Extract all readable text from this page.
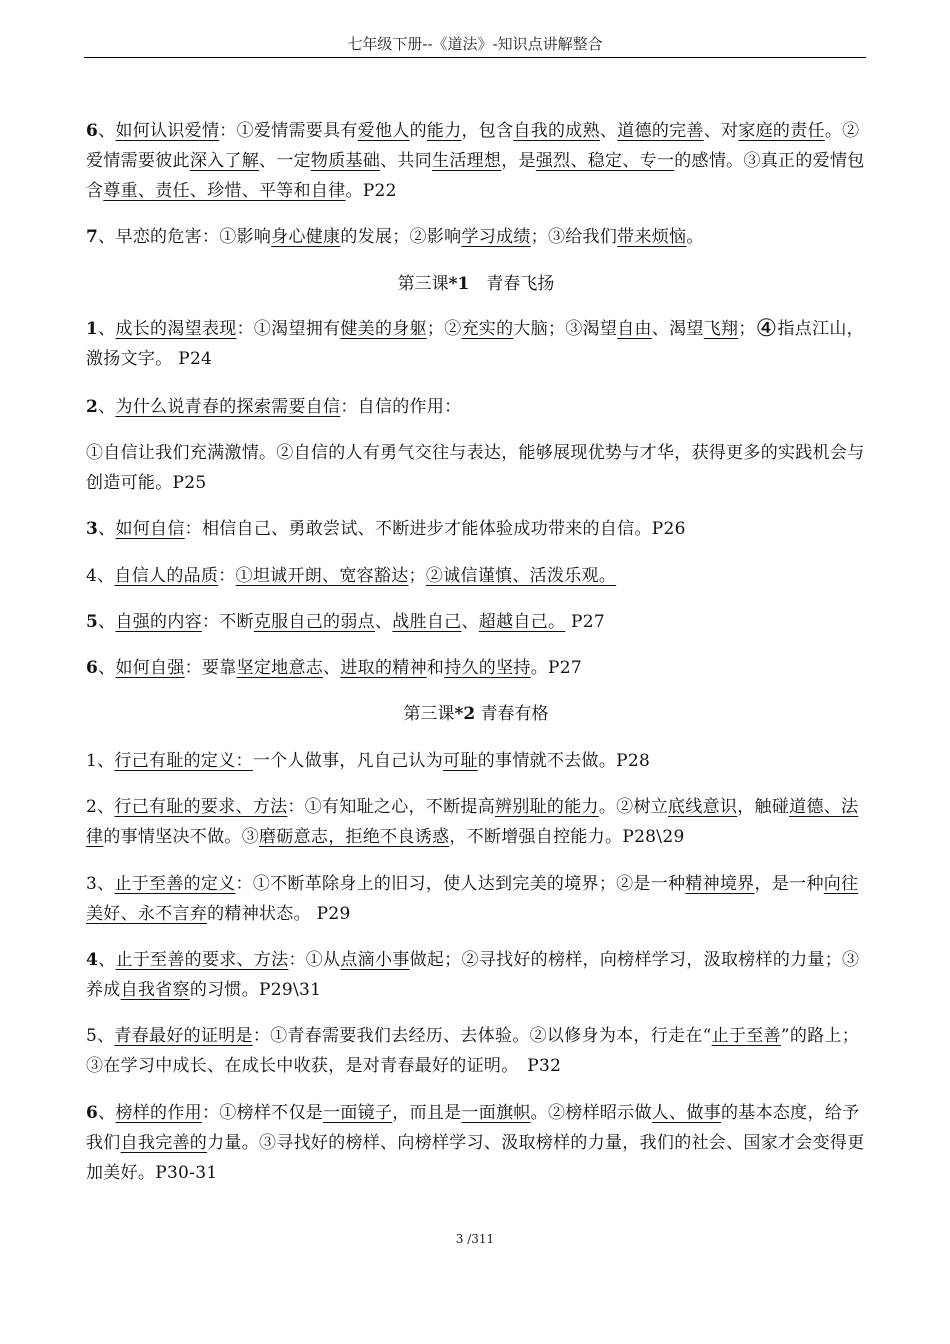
七年级下册--《道法》-知识点讲解整合

6、如何认识爱情：①爱情需要具有爱他人的能力，包含自我的成熟、道德的完善、对家庭的责任。②爱情需要彼此深入了解、一定物质基础、共同生活理想，是强烈、稳定、专一的感情。③真正的爱情包含尊重、责任、珍惜、平等和自律。P22

7、早恋的危害：①影响身心健康的发展；②影响学习成绩；③给我们带来烦恼。

第三课*1　青春飞扬

1、成长的渴望表现：①渴望拥有健美的身躯；②充实的大脑；③渴望自由、渴望飞翔；④指点江山，激扬文字。 P24

2、为什么说青春的探索需要自信：自信的作用：

①自信让我们充满激情。②自信的人有勇气交往与表达，能够展现优势与才华，获得更多的实践机会与创造可能。P25

3、如何自信：相信自己、勇敢尝试、不断进步才能体验成功带来的自信。P26

4、自信人的品质：①坦诚开朗、宽容豁达；②诚信谨慎、活泼乐观。

5、自强的内容：不断克服自己的弱点、战胜自己、超越自己。 P27

6、如何自强：要靠坚定地意志、进取的精神和持久的坚持。P27

第三课*2 青春有格

1、行己有耻的定义：一个人做事，凡自己认为可耻的事情就不去做。P28

2、行己有耻的要求、方法：①有知耻之心，不断提高辨别耻的能力。②树立底线意识，触碰道德、法律的事情坚决不做。③磨砺意志，拒绝不良诱惑，不断增强自控能力。P28\29

3、止于至善的定义：①不断革除身上的旧习，使人达到完美的境界；②是一种精神境界，是一种向往美好、永不言弃的精神状态。 P29

4、止于至善的要求、方法：①从点滴小事做起；②寻找好的榜样，向榜样学习，汲取榜样的力量；③养成自我省察的习惯。P29\31

5、青春最好的证明是：①青春需要我们去经历、去体验。②以修身为本，行走在“止于至善”的路上；③在学习中成长、在成长中收获，是对青春最好的证明。　P32

6、榜样的作用：①榜样不仅是一面镜子，而且是一面旗帜。②榜样昭示做人、做事的基本态度，给予我们自我完善的力量。③寻找好的榜样、向榜样学习、汲取榜样的力量，我们的社会、国家才会变得更加美好。P30-31

3 /311
